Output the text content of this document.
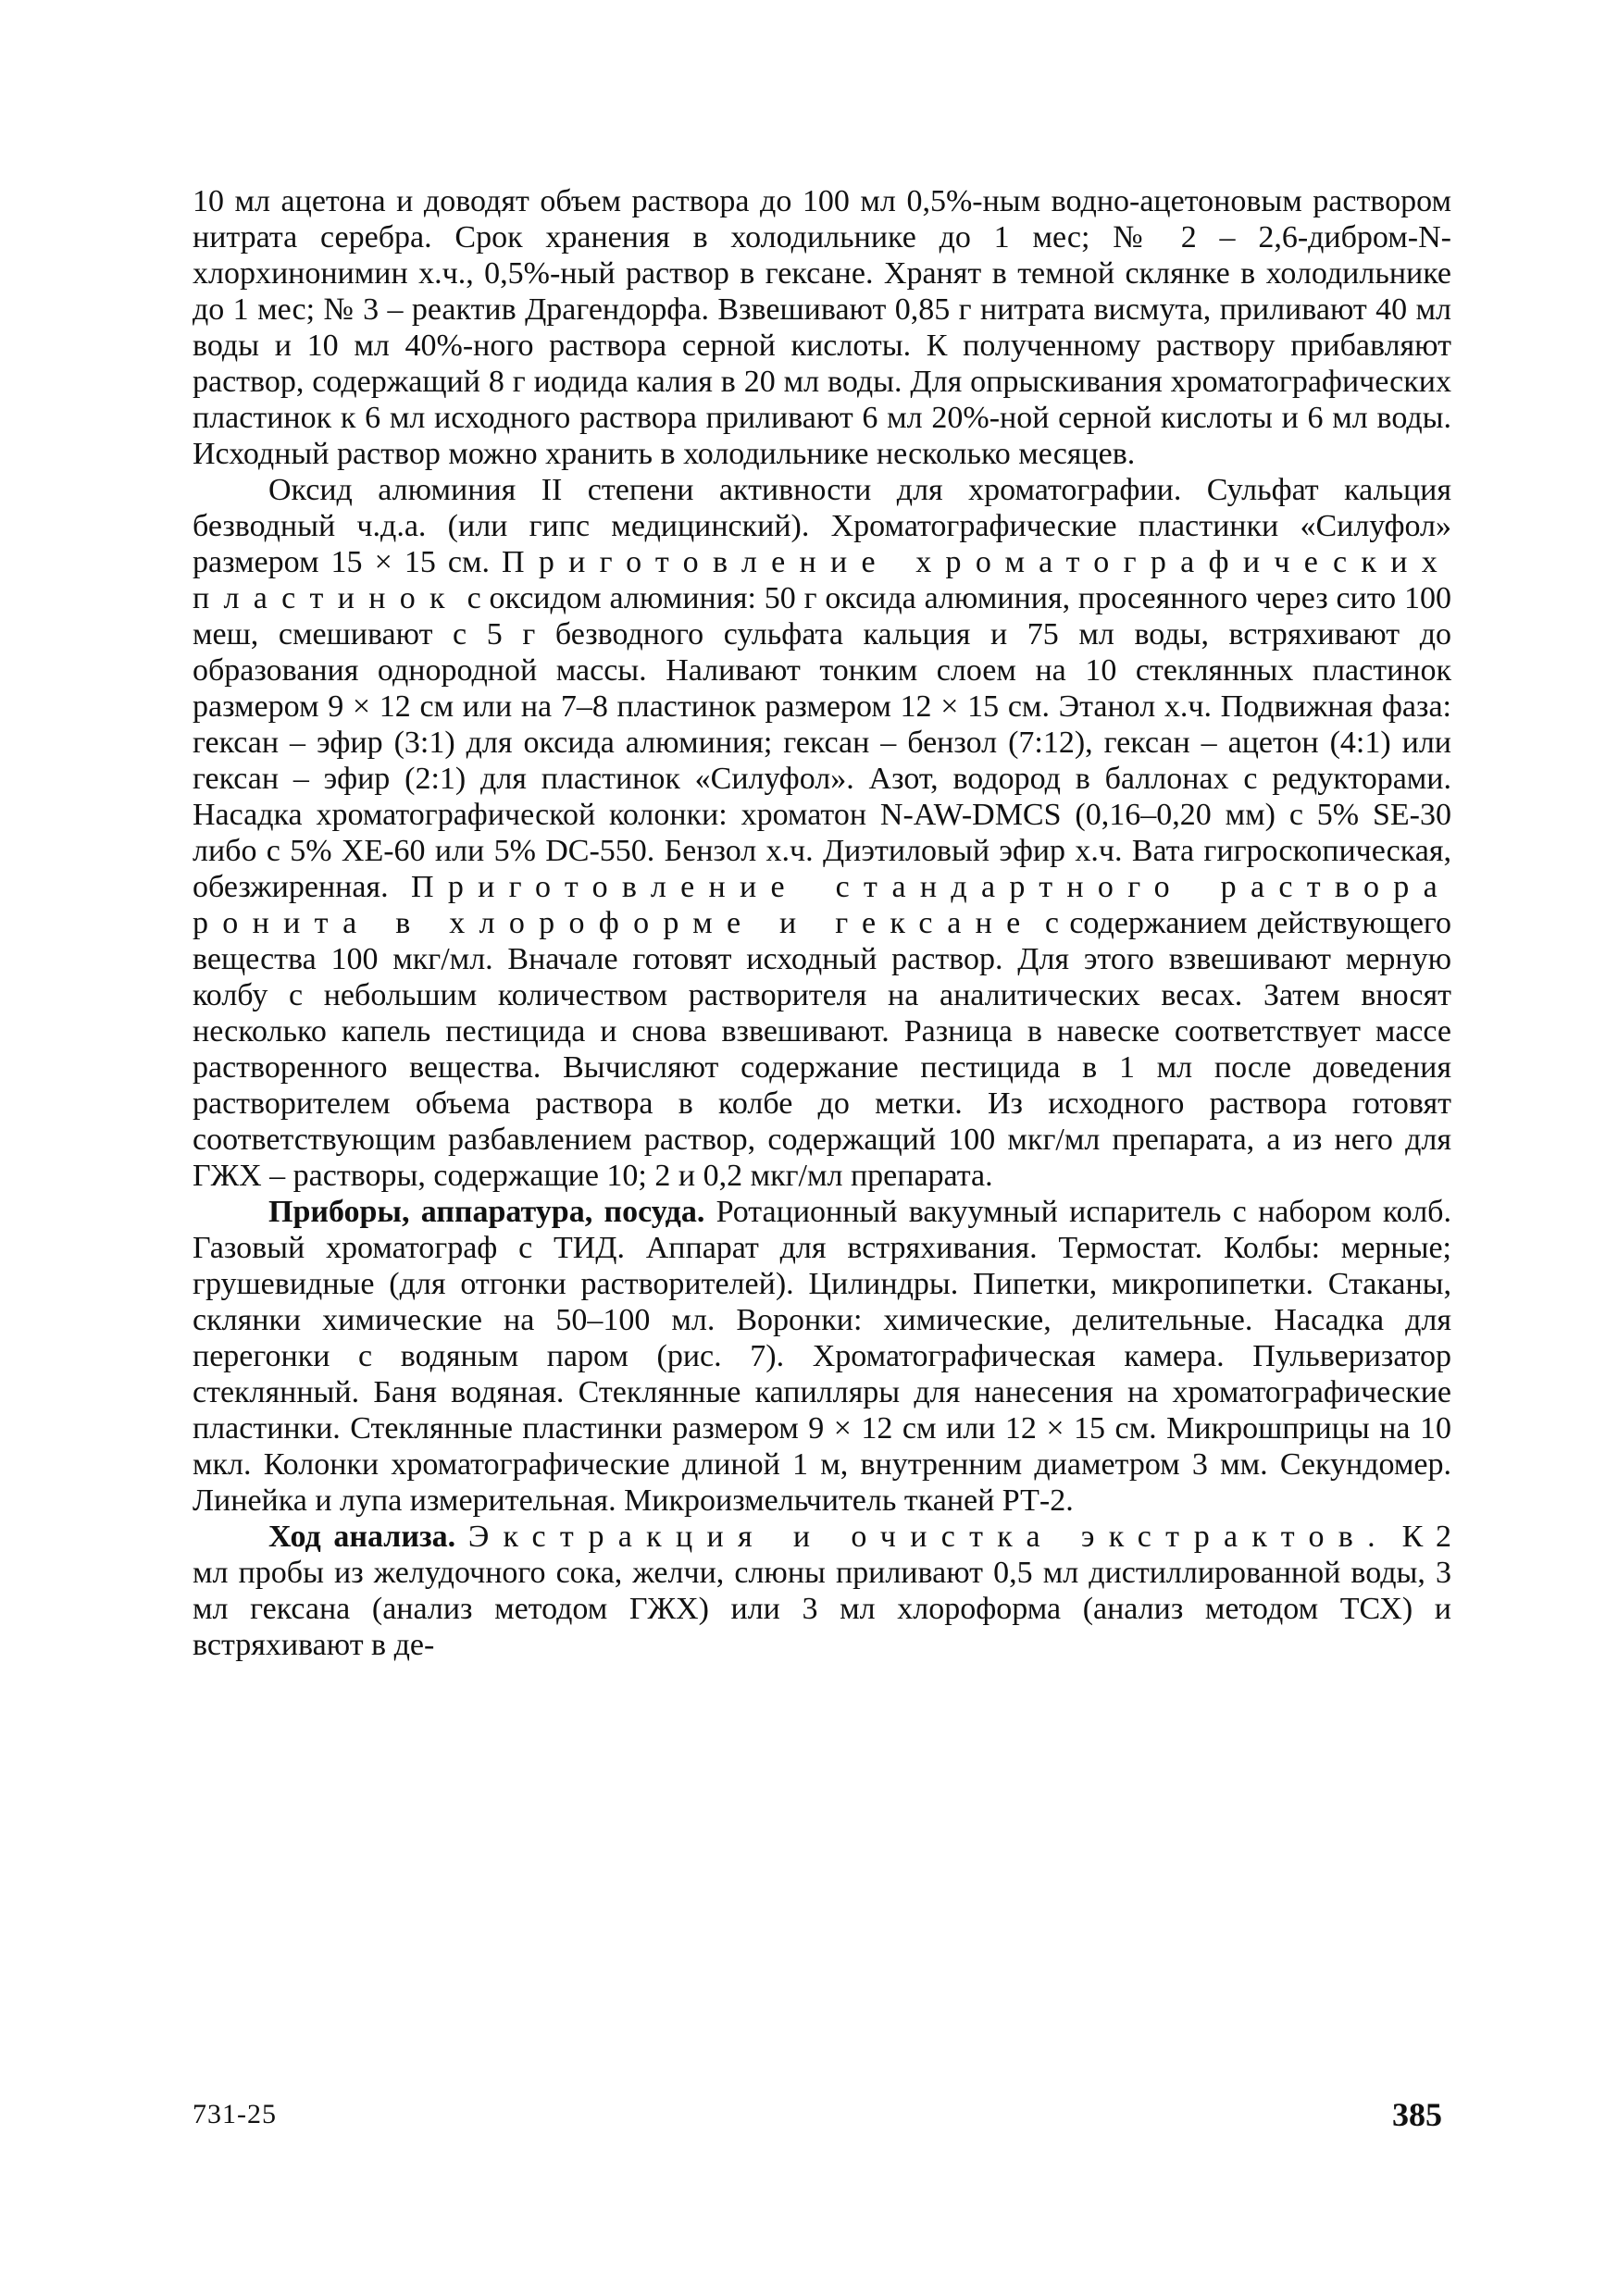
10 мл ацетона и доводят объем раствора до 100 мл 0,5%-ным водно-ацетоновым раствором нитрата серебра. Срок хранения в холодильнике до 1 мес; № 2 – 2,6-дибром-N-хлорхинонимин х.ч., 0,5%-ный раствор в гексане. Хранят в темной склянке в холодильнике до 1 мес; № 3 – реактив Драгендорфа. Взвешивают 0,85 г нитрата висмута, приливают 40 мл воды и 10 мл 40%-ного раствора серной кислоты. К полученному раствору прибавляют раствор, содержащий 8 г иодида калия в 20 мл воды. Для опрыскивания хроматографических пластинок к 6 мл исходного раствора приливают 6 мл 20%-ной серной кислоты и 6 мл воды. Исходный раствор можно хранить в холодильнике несколько месяцев.

Оксид алюминия II степени активности для хроматографии. Сульфат кальция безводный ч.д.а. (или гипс медицинский). Хроматографические пластинки «Силуфол» размером 15 × 15 см. Приготовление хроматографических пластинок с оксидом алюминия: 50 г оксида алюминия, просеянного через сито 100 меш, смешивают с 5 г безводного сульфата кальция и 75 мл воды, встряхивают до образования однородной массы. Наливают тонким слоем на 10 стеклянных пластинок размером 9 × 12 см или на 7–8 пластинок размером 12 × 15 см. Этанол х.ч. Подвижная фаза: гексан – эфир (3:1) для оксида алюминия; гексан – бензол (7:12), гексан – ацетон (4:1) или гексан – эфир (2:1) для пластинок «Силуфол». Азот, водород в баллонах с редукторами. Насадка хроматографической колонки: хроматон N-AW-DMCS (0,16–0,20 мм) с 5% SE-30 либо с 5% XE-60 или 5% DC-550. Бензол х.ч. Диэтиловый эфир х.ч. Вата гигроскопическая, обезжиренная. Приготовление стандартного раствора ронита в хлороформе и гексане с содержанием действующего вещества 100 мкг/мл. Вначале готовят исходный раствор. Для этого взвешивают мерную колбу с небольшим количеством растворителя на аналитических весах. Затем вносят несколько капель пестицида и снова взвешивают. Разница в навеске соответствует массе растворенного вещества. Вычисляют содержание пестицида в 1 мл после доведения растворителем объема раствора в колбе до метки. Из исходного раствора готовят соответствующим разбавлением раствор, содержащий 100 мкг/мл препарата, а из него для ГЖХ – растворы, содержащие 10; 2 и 0,2 мкг/мл препарата.

Приборы, аппаратура, посуда. Ротационный вакуумный испаритель с набором колб. Газовый хроматограф с ТИД. Аппарат для встряхивания. Термостат. Колбы: мерные; грушевидные (для отгонки растворителей). Цилиндры. Пипетки, микропипетки. Стаканы, склянки химические на 50–100 мл. Воронки: химические, делительные. Насадка для перегонки с водяным паром (рис. 7). Хроматографическая камера. Пульверизатор стеклянный. Баня водяная. Стеклянные капилляры для нанесения на хроматографические пластинки. Стеклянные пластинки размером 9 × 12 см или 12 × 15 см. Микрошприцы на 10 мкл. Колонки хроматографические длиной 1 м, внутренним диаметром 3 мм. Секундомер. Линейка и лупа измерительная. Микроизмельчитель тканей РТ-2.

Ход анализа. Экстракция и очистка экстрактов. К 2 мл пробы из желудочного сока, желчи, слюны приливают 0,5 мл дистиллированной воды, 3 мл гексана (анализ методом ГЖХ) или 3 мл хлороформа (анализ методом ТСХ) и встряхивают в де-

731-25	385
